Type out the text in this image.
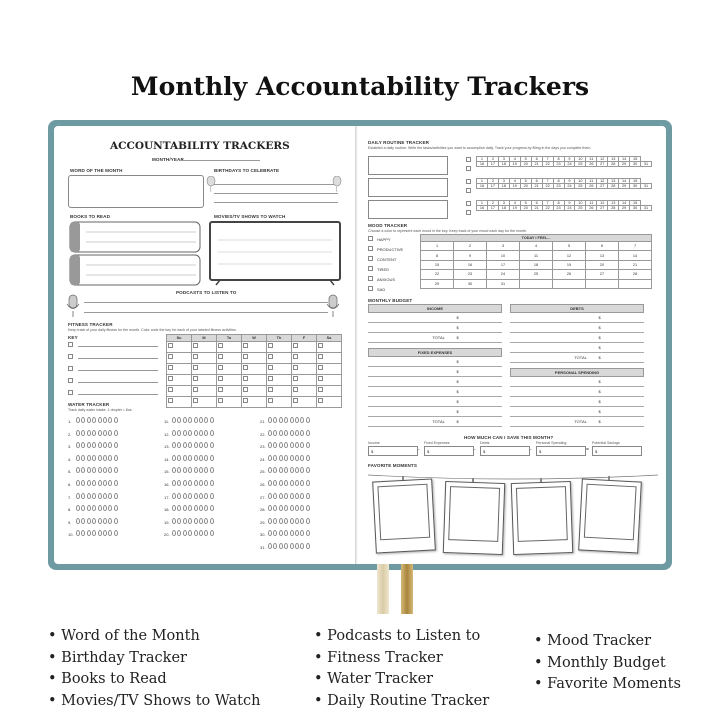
Monthly Accountability Trackers
ACCOUNTABILITY TRACKERS
MONTH/YEAR
WORD OF THE MONTH	BIRTHDAYS TO CELEBRATE
BOOKS TO READ	MOVIES/TV SHOWS TO WATCH
PODCASTS TO LISTEN TO
FITNESS TRACKER
Keep track of your daily fitness for the month. Color code the key for each of your labeled fitness activities.
KEY	Su	M	Tu	W	Th	F	Sa

WATER TRACKER
Track daily water intake. 1 droplet = 8oz.
1.
2.
3.
4.
5.
6.
7.
8.
9.
10.
11.
12.
13.
14.
15.
16.
17.
18.
19.
20.
21.
22.
23.
24.
25.
26.
27.
28.
29.
30.
31.
DAILY ROUTINE TRACKER
Establish a daily routine. Write the tasks/activities you want to accomplish daily. Track your progress by filling in the days you complete them.
1	2	3	4	5	6	7	8	9	10	11	12	13	14	15	
16	17	18	19	20	21	22	23	24	25	26	27	28	29	30	31
1	2	3	4	5	6	7	8	9	10	11	12	13	14	15	
16	17	18	19	20	21	22	23	24	25	26	27	28	29	30	31
1	2	3	4	5	6	7	8	9	10	11	12	13	14	15	
16	17	18	19	20	21	22	23	24	25	26	27	28	29	30	31
MOOD TRACKER
Choose a color to represent each mood in the key. Keep track of your mood each day for the month.
HAPPY
PRODUCTIVE
CONTENT
TIRED
ANXIOUS
SAD
TODAY I FEEL...						
1	2	3	4	5	6	7
8	9	10	11	12	13	14
15	16	17	18	19	20	21
22	23	24	25	26	27	28
29	30	31				
MONTHLY BUDGET
INCOME
$
$
TOTAL	$
DEBTS
$
$
$
$
TOTAL	$
FIXED EXPENSES
$
$
$
$
$
$
TOTAL	$
PERSONAL SPENDING
$
$
$
$
TOTAL	$
HOW MUCH CAN I SAVE THIS MONTH?
Income
$	-
Fixed Expenses
$	-
Debts
$	-
Personal Spending
$	=
Potential Savings
$
FAVORITE MOMENTS
• Word of the Month
• Birthday Tracker
• Books to Read
• Movies/TV Shows to Watch
• Podcasts to Listen to
• Fitness Tracker
• Water Tracker
• Daily Routine Tracker
• Mood Tracker
• Monthly Budget
• Favorite Moments
